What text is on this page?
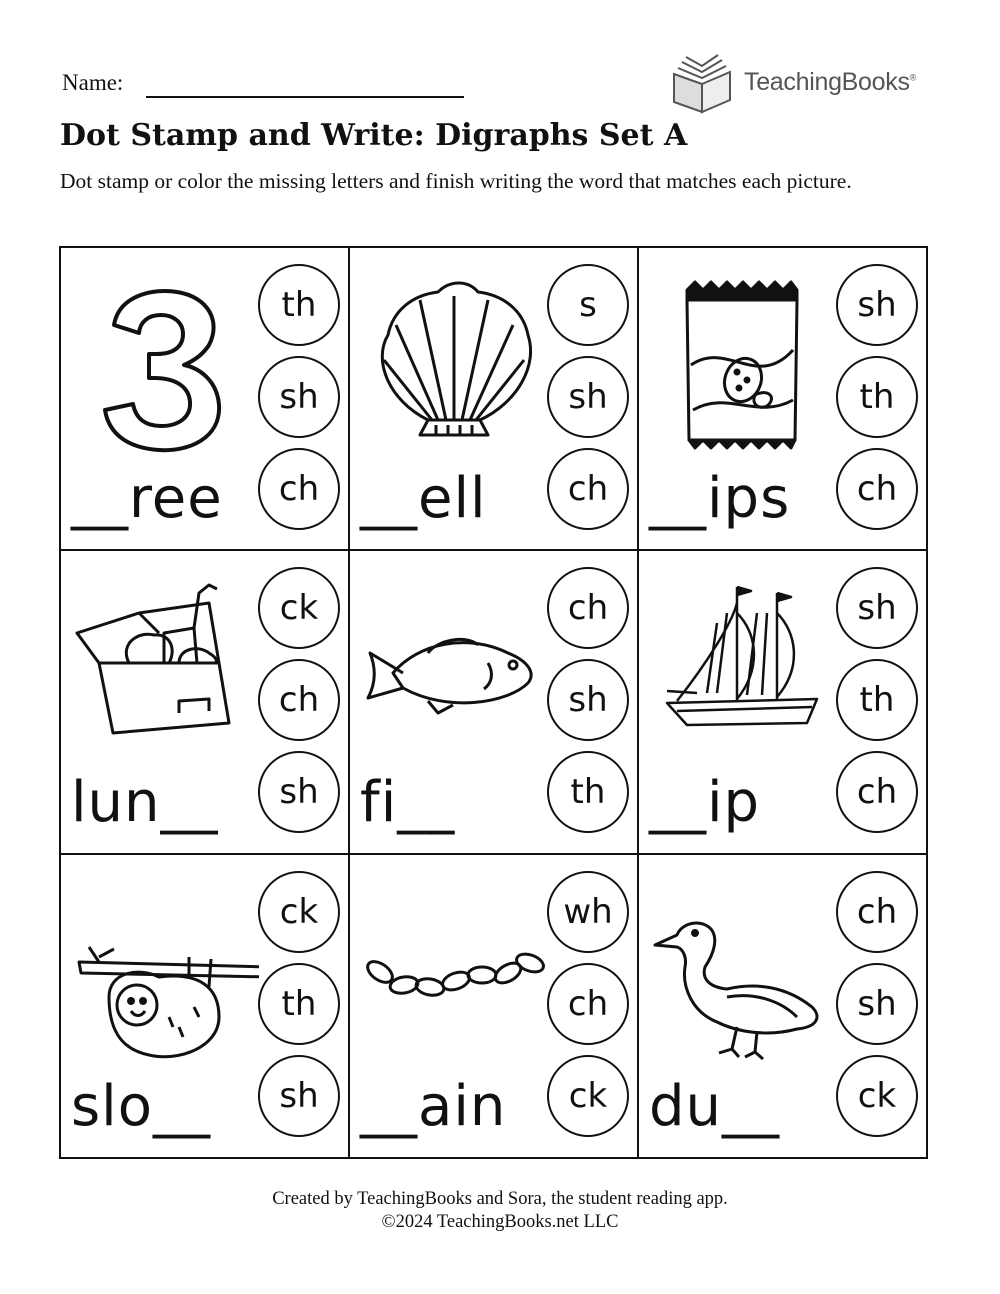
Name:	TeachingBooks®
Dot Stamp and Write: Digraphs Set A
Dot stamp or color the missing letters and finish writing the word that matches each picture.
__ree
th
sh
ch __ell
s
sh
ch __ips
sh
th
ch
lun__
ck
ch
sh fi__
ch
sh
th __ip
sh
th
ch
slo__
ck
th
sh __ain
wh
ch
ck du__
ch
sh
ck
Created by TeachingBooks and Sora, the student reading app.
©2024 TeachingBooks.net LLC
